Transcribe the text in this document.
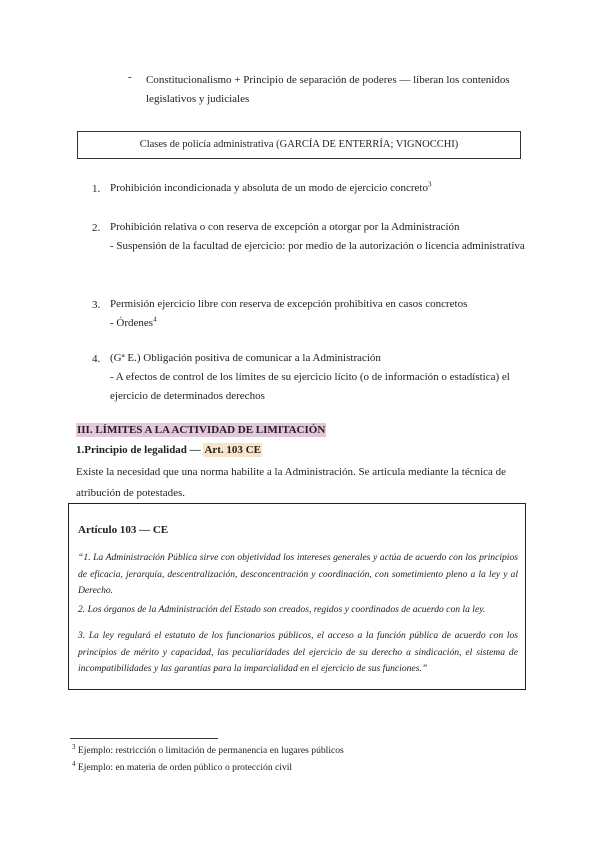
- Constitucionalismo + Principio de separación de poderes — liberan los contenidos legislativos y judiciales
Clases de policía administrativa (GARCÍA DE ENTERRÍA; VIGNOCCHI)
1. Prohibición incondicionada y absoluta de un modo de ejercicio concreto$^3$
2. Prohibición relativa o con reserva de excepción a otorgar por la Administración
- Suspensión de la facultad de ejercicio: por medio de la autorización o licencia administrativa
3. Permisión ejercicio libre con reserva de excepción prohibitiva en casos concretos
- Órdenes$^4$
4. (Gª E.) Obligación positiva de comunicar a la Administración
- A efectos de control de los límites de su ejercicio lícito (o de información o estadística) el ejercicio de determinados derechos
III. LÍMITES A LA ACTIVIDAD DE LIMITACIÓN
1.Principio de legalidad — Art. 103 CE
Existe la necesidad que una norma habilite a la Administración. Se articula mediante la técnica de atribución de potestades.
Artículo 103 — CE
“1. La Administración Pública sirve con objetividad los intereses generales y actúa de acuerdo con los principios de eficacia, jerarquía, descentralización, desconcentración y coordinación, con sometimiento pleno a la ley y al Derecho.
2. Los órganos de la Administración del Estado son creados, regidos y coordinados de acuerdo con la ley.
3. La ley regulará el estatuto de los funcionarios públicos, el acceso a la función pública de acuerdo con los principios de mérito y capacidad, las peculiaridades del ejercicio de su derecho a sindicación, el sistema de incompatibilidades y las garantías para la imparcialidad en el ejercicio de sus funciones.”
$^3$ Ejemplo: restricción o limitación de permanencia en lugares públicos
$^4$ Ejemplo: en materia de orden público o protección civil
